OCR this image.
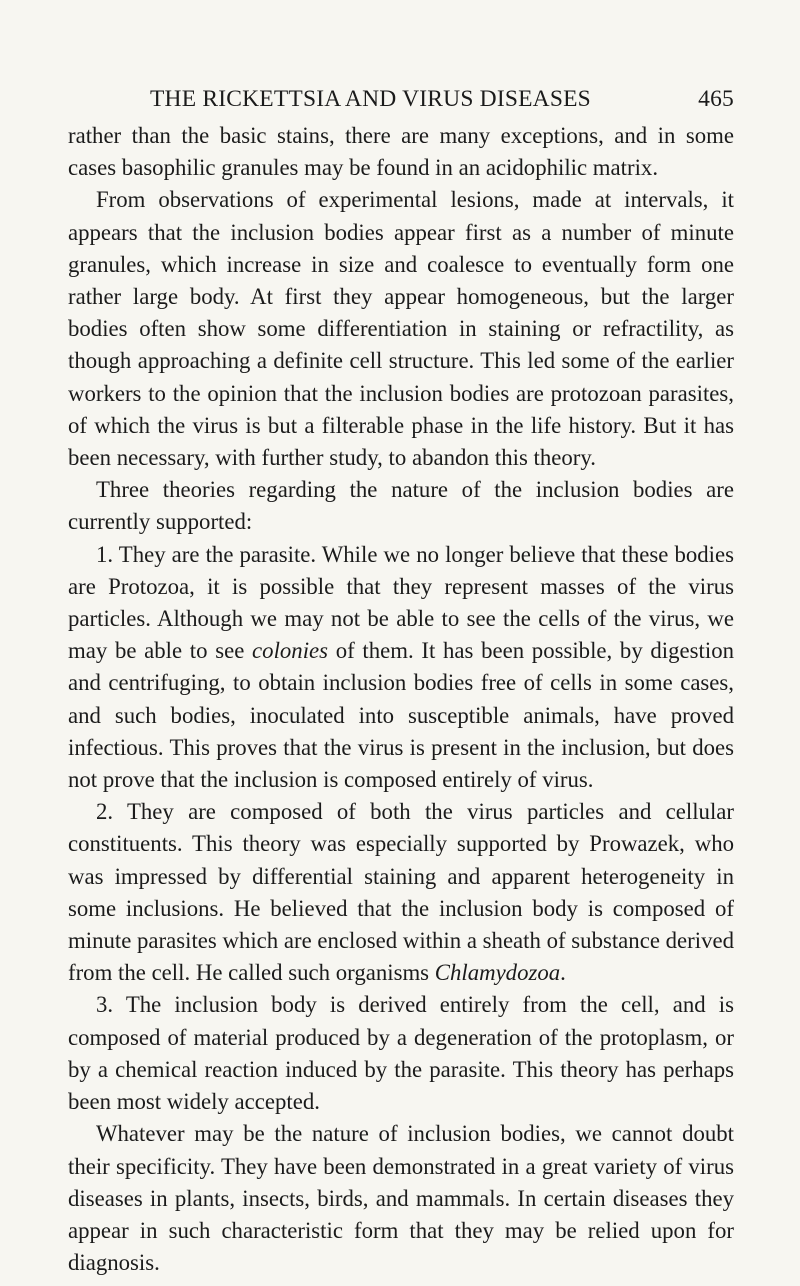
THE RICKETTSIA AND VIRUS DISEASES	465

rather than the basic stains, there are many exceptions, and in some cases basophilic granules may be found in an acidophilic matrix.

From observations of experimental lesions, made at intervals, it appears that the inclusion bodies appear first as a number of minute granules, which increase in size and coalesce to eventually form one rather large body. At first they appear homogeneous, but the larger bodies often show some differentiation in staining or refractility, as though approaching a definite cell structure. This led some of the earlier workers to the opinion that the inclusion bodies are protozoan parasites, of which the virus is but a filterable phase in the life history. But it has been necessary, with further study, to abandon this theory.

Three theories regarding the nature of the inclusion bodies are currently supported:

1. They are the parasite. While we no longer believe that these bodies are Protozoa, it is possible that they represent masses of the virus particles. Although we may not be able to see the cells of the virus, we may be able to see colonies of them. It has been possible, by digestion and centrifuging, to obtain inclusion bodies free of cells in some cases, and such bodies, inoculated into susceptible animals, have proved infectious. This proves that the virus is present in the inclusion, but does not prove that the inclusion is composed entirely of virus.

2. They are composed of both the virus particles and cellular constituents. This theory was especially supported by Prowazek, who was impressed by differential staining and apparent heterogeneity in some inclusions. He believed that the inclusion body is composed of minute parasites which are enclosed within a sheath of substance derived from the cell. He called such organisms Chlamydozoa.

3. The inclusion body is derived entirely from the cell, and is composed of material produced by a degeneration of the protoplasm, or by a chemical reaction induced by the parasite. This theory has perhaps been most widely accepted.

Whatever may be the nature of inclusion bodies, we cannot doubt their specificity. They have been demonstrated in a great variety of virus diseases in plants, insects, birds, and mammals. In certain diseases they appear in such characteristic form that they may be relied upon for diagnosis.
